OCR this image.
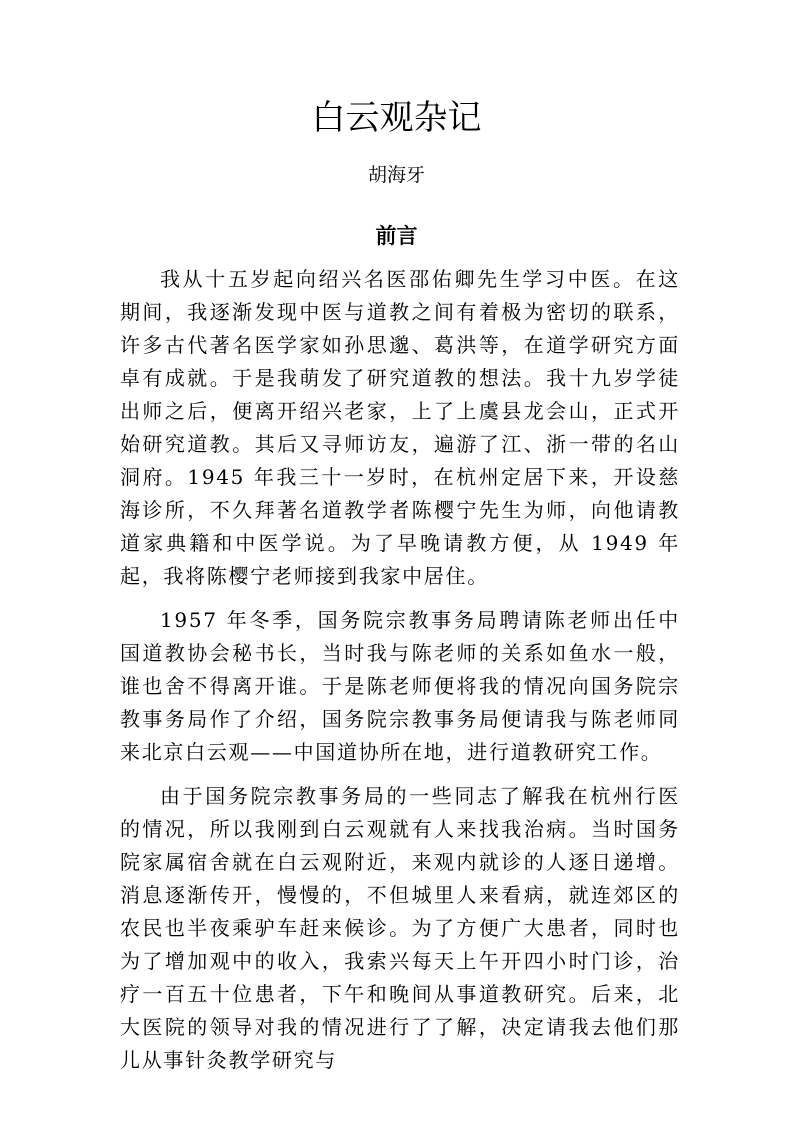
白云观杂记
胡海牙
前言

我从十五岁起向绍兴名医邵佑卿先生学习中医。在这期间，我逐渐发现中医与道教之间有着极为密切的联系，许多古代著名医学家如孙思邈、葛洪等，在道学研究方面卓有成就。于是我萌发了研究道教的想法。我十九岁学徒出师之后，便离开绍兴老家，上了上虞县龙会山，正式开始研究道教。其后又寻师访友，遍游了江、浙一带的名山洞府。1945 年我三十一岁时，在杭州定居下来，开设慈海诊所，不久拜著名道教学者陈樱宁先生为师，向他请教道家典籍和中医学说。为了早晚请教方便，从 1949 年起，我将陈樱宁老师接到我家中居住。

1957 年冬季，国务院宗教事务局聘请陈老师出任中国道教协会秘书长，当时我与陈老师的关系如鱼水一般，谁也舍不得离开谁。于是陈老师便将我的情况向国务院宗教事务局作了介绍，国务院宗教事务局便请我与陈老师同来北京白云观——中国道协所在地，进行道教研究工作。

由于国务院宗教事务局的一些同志了解我在杭州行医的情况，所以我刚到白云观就有人来找我治病。当时国务院家属宿舍就在白云观附近，来观内就诊的人逐日递增。消息逐渐传开，慢慢的，不但城里人来看病，就连郊区的农民也半夜乘驴车赶来候诊。为了方便广大患者，同时也为了增加观中的收入，我索兴每天上午开四小时门诊，治疗一百五十位患者，下午和晚间从事道教研究。后来，北大医院的领导对我的情况进行了了解，决定请我去他们那儿从事针灸教学研究与
